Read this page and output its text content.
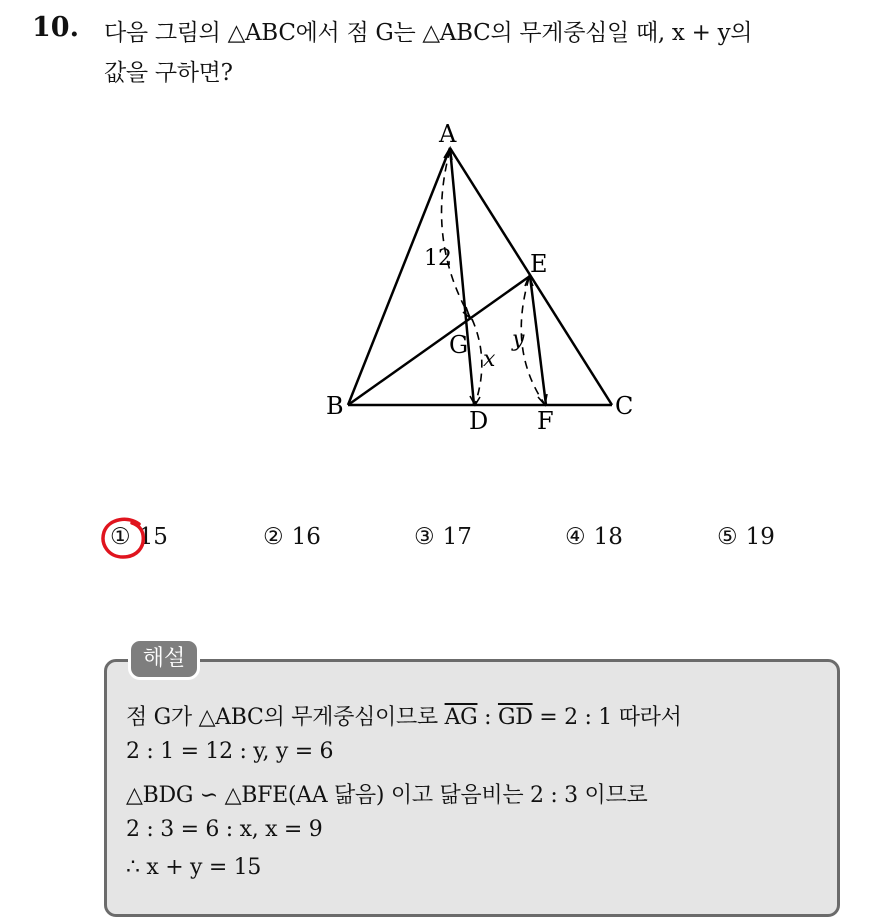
10. 다음 그림의 △ABC에서 점 G는 △ABC의 무게중심일 때, x + y의
값을 구하면?
A
B	C
D
E
F
G
12
x
y
① 15	② 16	③ 17	④ 18	⑤ 19
해설
점 G가 △ABC의 무게중심이므로 $\overline{AG}$ : $\overline{GD} = 2$ : 1 따라서
2 : 1 = 12 : y, y = 6
△BDG ∽ △BFE(AA 닮음) 이고 닮음비는 2 : 3 이므로
2 : 3 = 6 : x, x = 9
∴ x + y = 15
